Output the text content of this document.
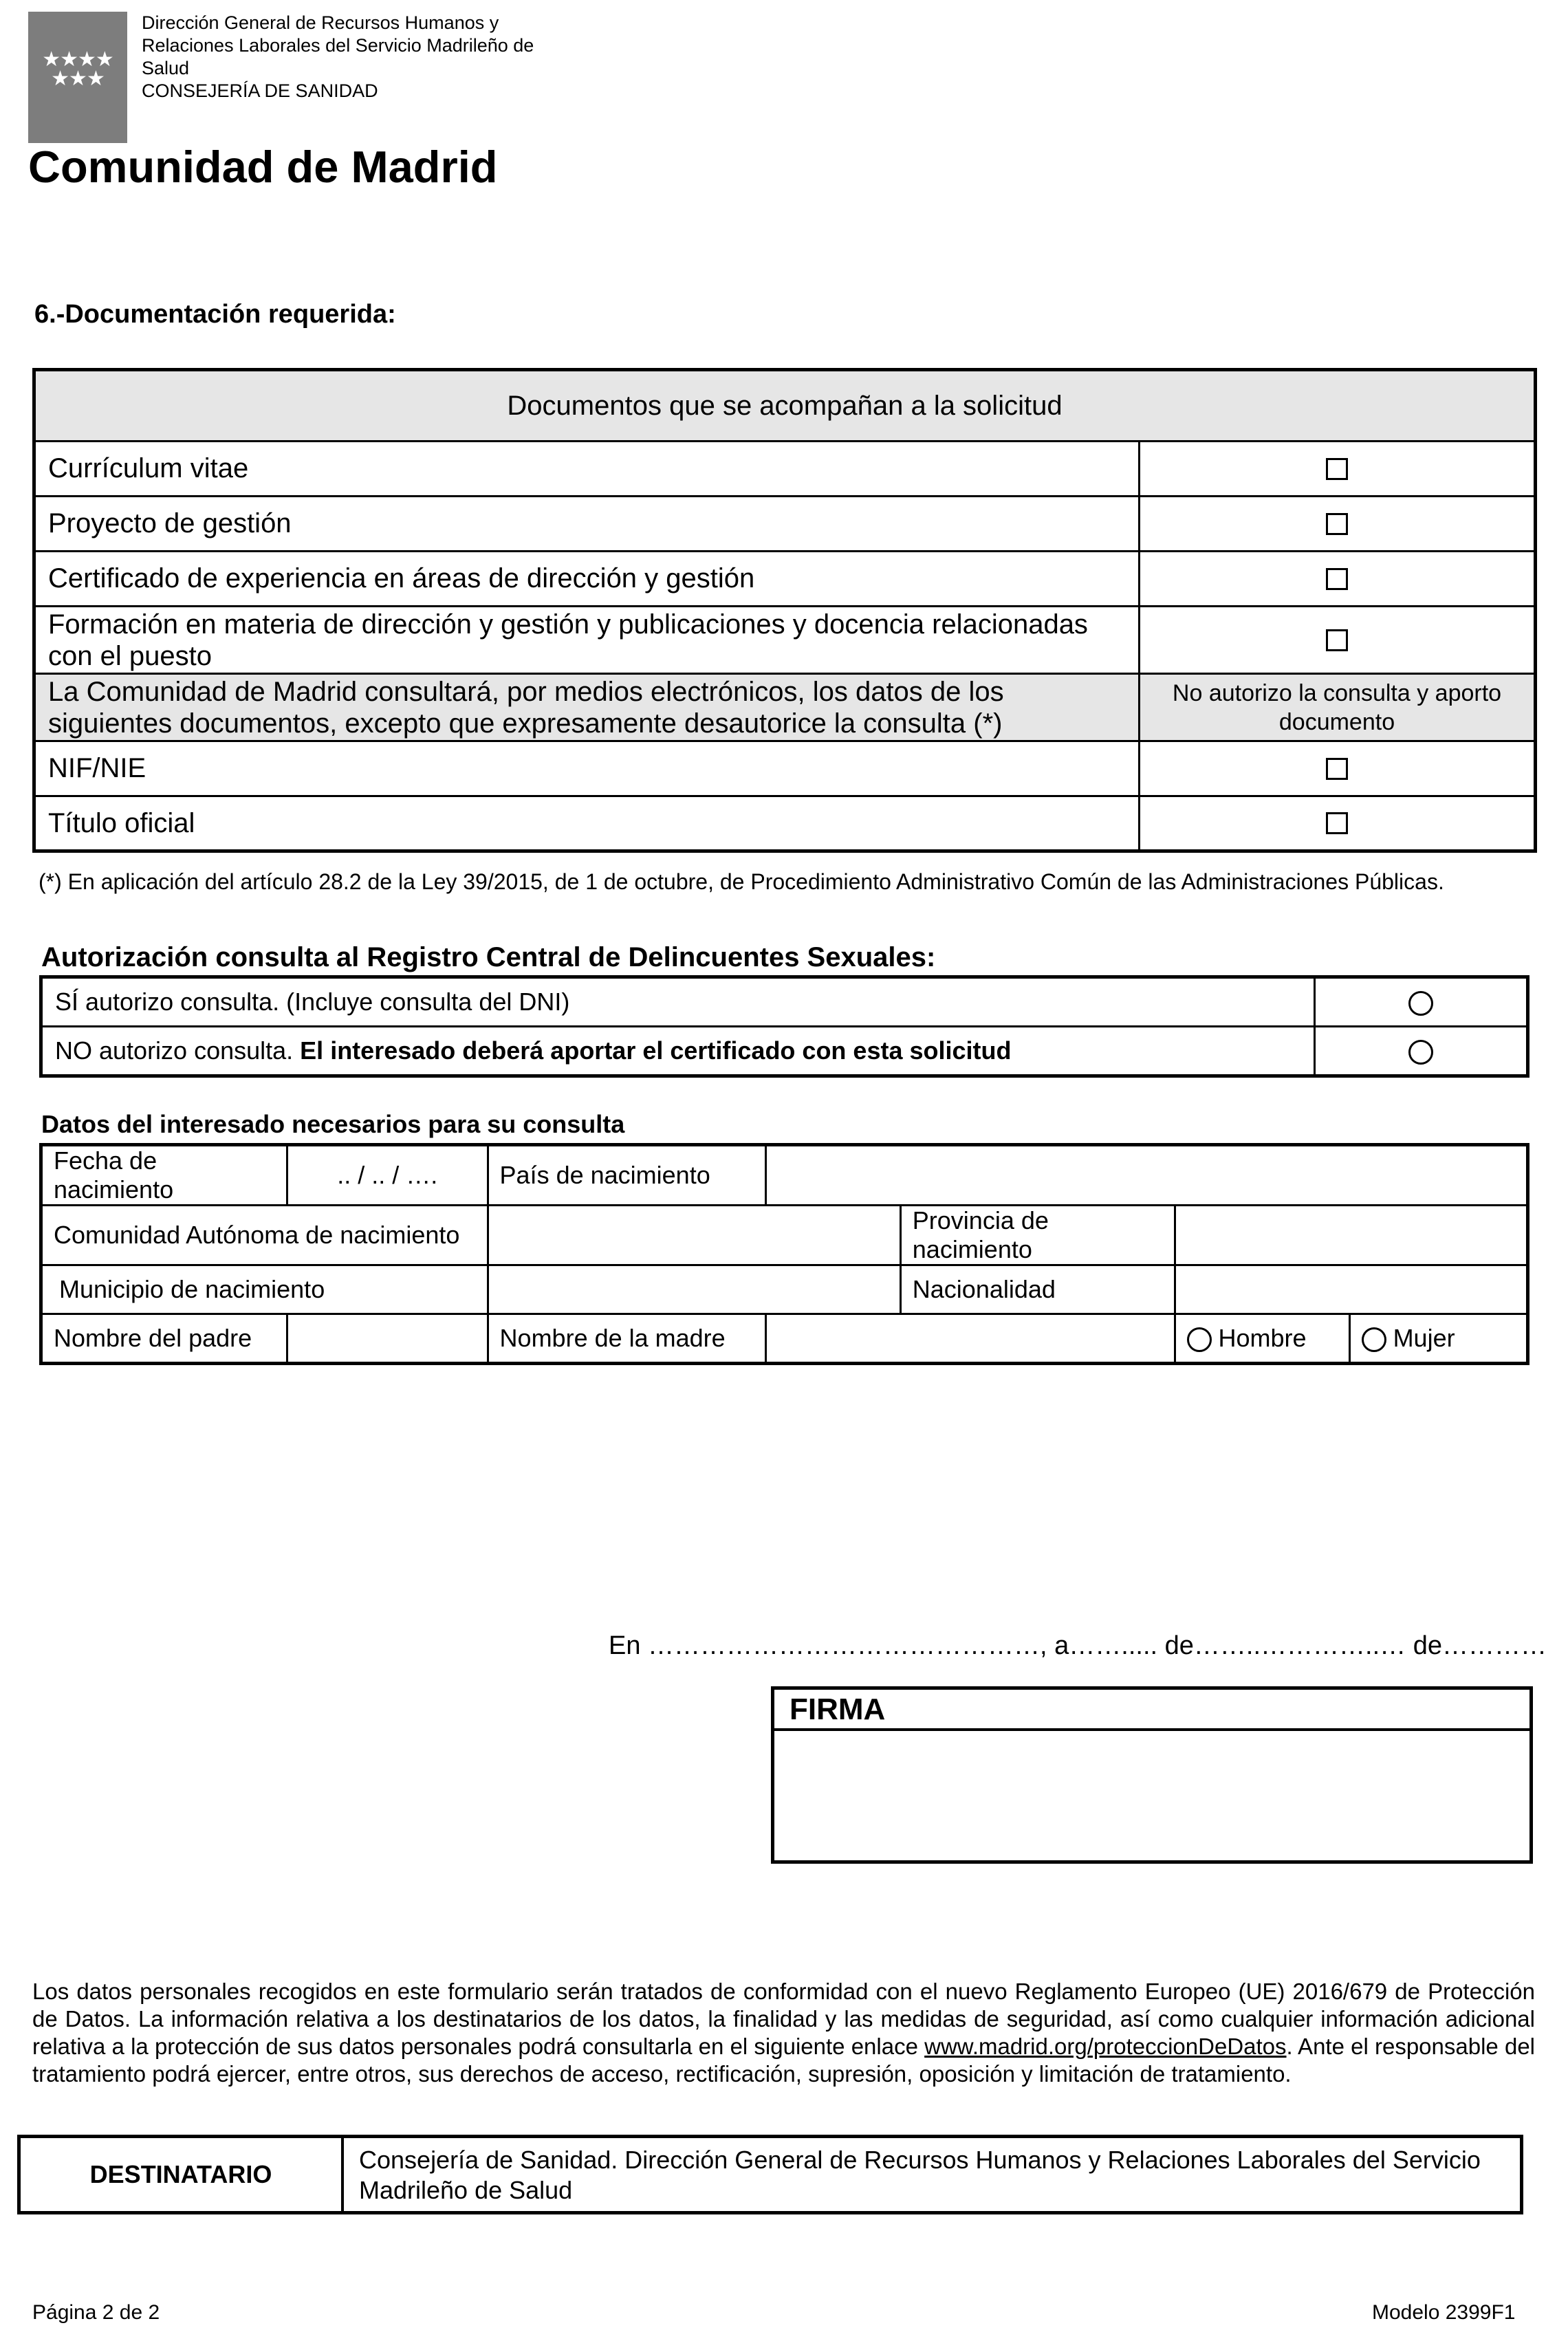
★★★★ ★★★
Dirección General de Recursos Humanos y
Relaciones Laborales del Servicio Madrileño de
Salud
CONSEJERÍA DE SANIDAD
Comunidad de Madrid
6.-Documentación requerida:
Documentos que se acompañan a la solicitud	
Currículum vitae	
Proyecto de gestión	
Certificado de experiencia en áreas de dirección y gestión	
Formación en materia de dirección y gestión y publicaciones y docencia relacionadas con el puesto	
La Comunidad de Madrid consultará, por medios electrónicos, los datos de los siguientes documentos, excepto que expresamente desautorice la consulta (*)	No autorizo la consulta y aporto documento
NIF/NIE	
Título oficial	
(*) En aplicación del artículo 28.2 de la Ley 39/2015, de 1 de octubre, de Procedimiento Administrativo Común de las Administraciones Públicas.
Autorización consulta al Registro Central de Delincuentes Sexuales:
SÍ autorizo consulta. (Incluye consulta del DNI)	
NO autorizo consulta. El interesado deberá aportar el certificado con esta solicitud	
Datos del interesado necesarios para su consulta
Fecha de nacimiento	.. / .. / ….	País de nacimiento				
Comunidad Autónoma de nacimiento				Provincia de nacimiento		
Municipio de nacimiento				Nacionalidad		
Nombre del padre		Nombre de la madre			Hombre	Mujer
En ………………………………………, a……..... de……..…………..… de…………
FIRMA
Los datos personales recogidos en este formulario serán tratados de conformidad con el nuevo Reglamento Europeo (UE) 2016/679 de Protección de Datos. La información relativa a los destinatarios de los datos, la finalidad y las medidas de seguridad, así como cualquier información adicional relativa a la protección de sus datos personales podrá consultarla en el siguiente enlace www.madrid.org/proteccionDeDatos. Ante el responsable del tratamiento podrá ejercer, entre otros, sus derechos de acceso, rectificación, supresión, oposición y limitación de tratamiento.
DESTINATARIO
Consejería de Sanidad. Dirección General de Recursos Humanos y Relaciones Laborales del Servicio Madrileño de Salud
Página 2 de 2	Modelo 2399F1
